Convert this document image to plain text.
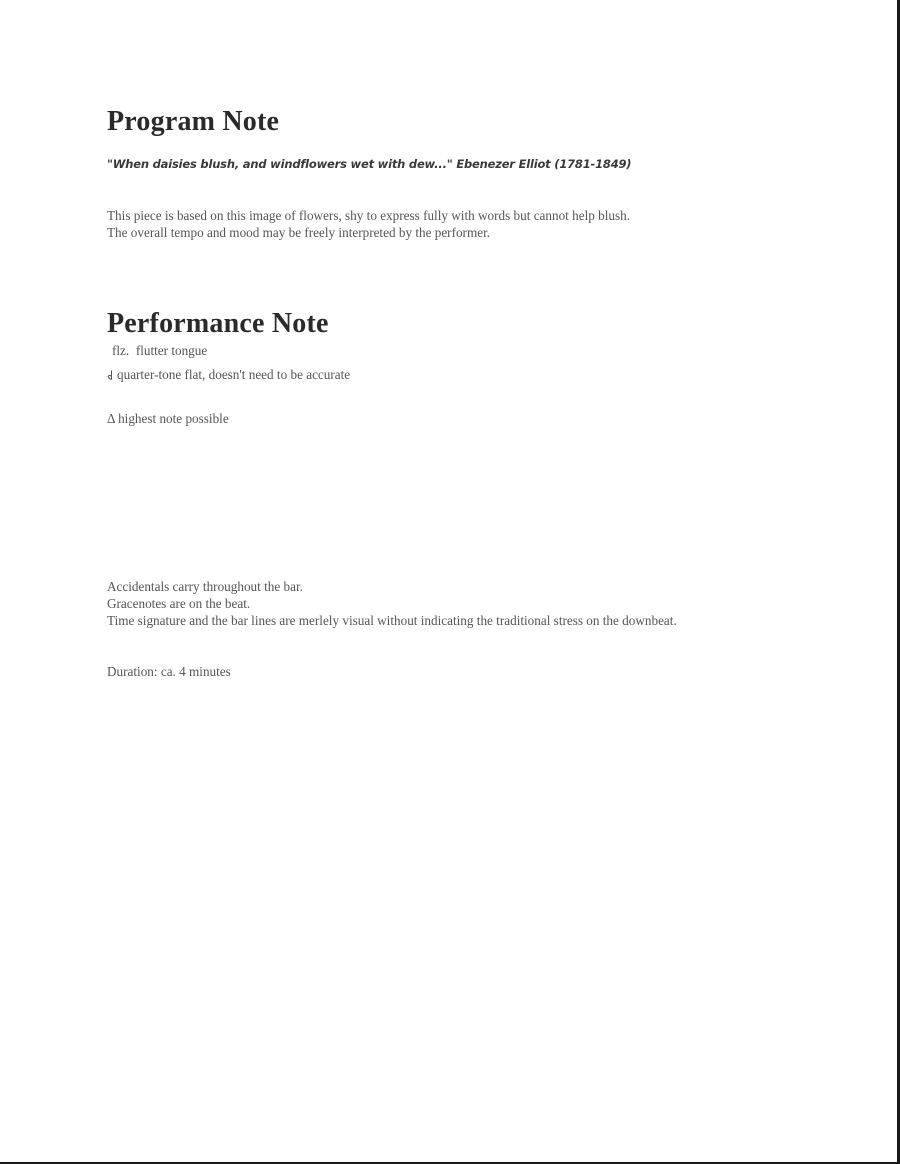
Program Note
"When daisies blush, and windflowers wet with dew..." Ebenezer Elliot (1781-1849)
This piece is based on this image of flowers, shy to express fully with words but cannot help blush.
The overall tempo and mood may be freely interpreted by the performer.
Performance Note
flz. flutter tongue
quarter-tone flat, doesn't need to be accurate
Δ highest note possible
Accidentals carry throughout the bar.
Gracenotes are on the beat.
Time signature and the bar lines are merlely visual without indicating the traditional stress on the downbeat.
Duration: ca. 4 minutes
